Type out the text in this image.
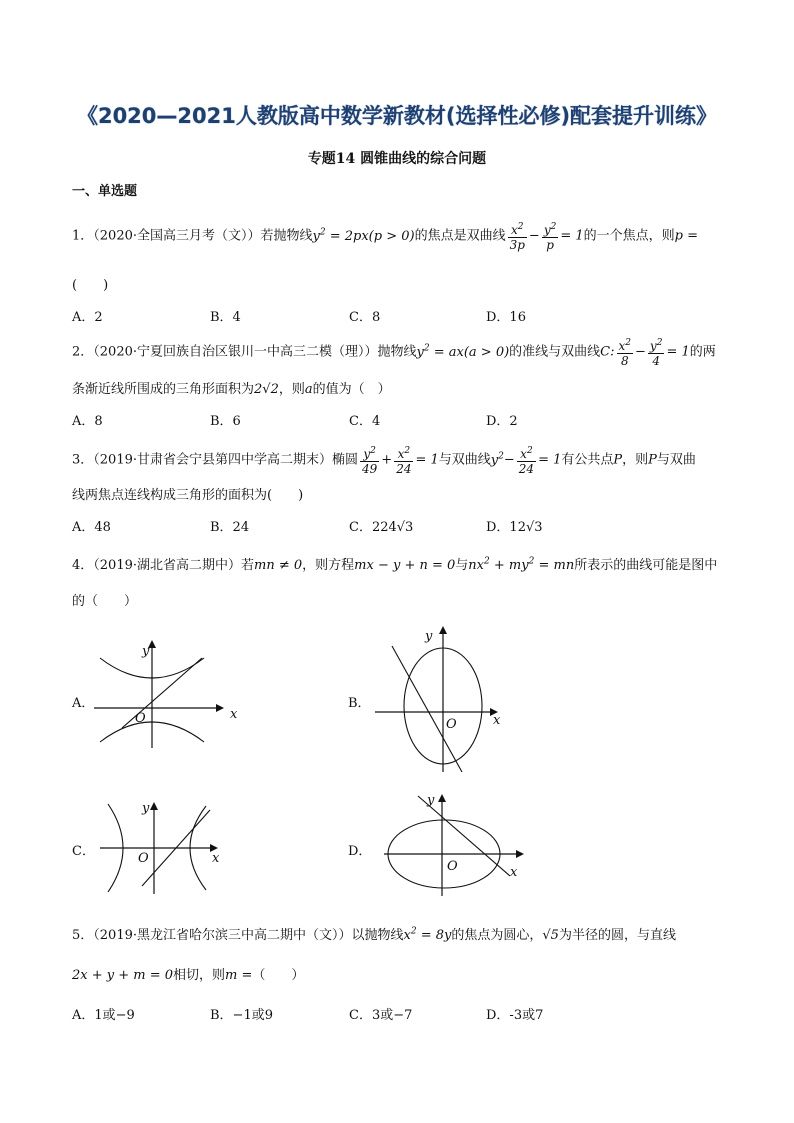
《2020—2021人教版高中数学新教材(选择性必修)配套提升训练》
专题14 圆锥曲线的综合问题
一、单选题
1．（2020·全国高三月考（文））若抛物线$y^2 = 2px(p > 0)$的焦点是双曲线 $\frac{x^2}{3p} - \frac{y^2}{p} = 1$的一个焦点，则p =
(　　)
A．2	B．4	C．8	D．16
2．（2020·宁夏回族自治区银川一中高三二模（理））抛物线$y^2 = ax(a > 0)$的准线与双曲线C: $\frac{x^2}{8} - \frac{y^2}{4} = 1$的两
条渐近线所围成的三角形面积为2√2，则a的值为（　）
A．8	B．6	C．4	D．2
3．（2019·甘肃省会宁县第四中学高二期末）椭圆 $\frac{y^2}{49} + \frac{x^2}{24} = 1$与双曲线$y^2- \frac{x^2}{24} = 1$有公共点P，则P与双曲
线两焦点连线构成三角形的面积为(　　)
A．48	B．24	C．224√3	D．12√3
4．（2019·湖北省高二期中）若mn ≠ 0，则方程mx − y + n = 0与$nx^2 + my^2$ = mn所表示的曲线可能是图中
的（　　）
A．
y
x
O
B．
y
x
O
C．
y
x
O	D．
y
x
O
5．（2019·黑龙江省哈尔滨三中高二期中（文））以抛物线$x^2 = 8y$的焦点为圆心，√5为半径的圆，与直线
2x + y + m = 0相切，则m =（　　）
A．1或−9	B．−1或9	C．3或−7	D．-3或7
